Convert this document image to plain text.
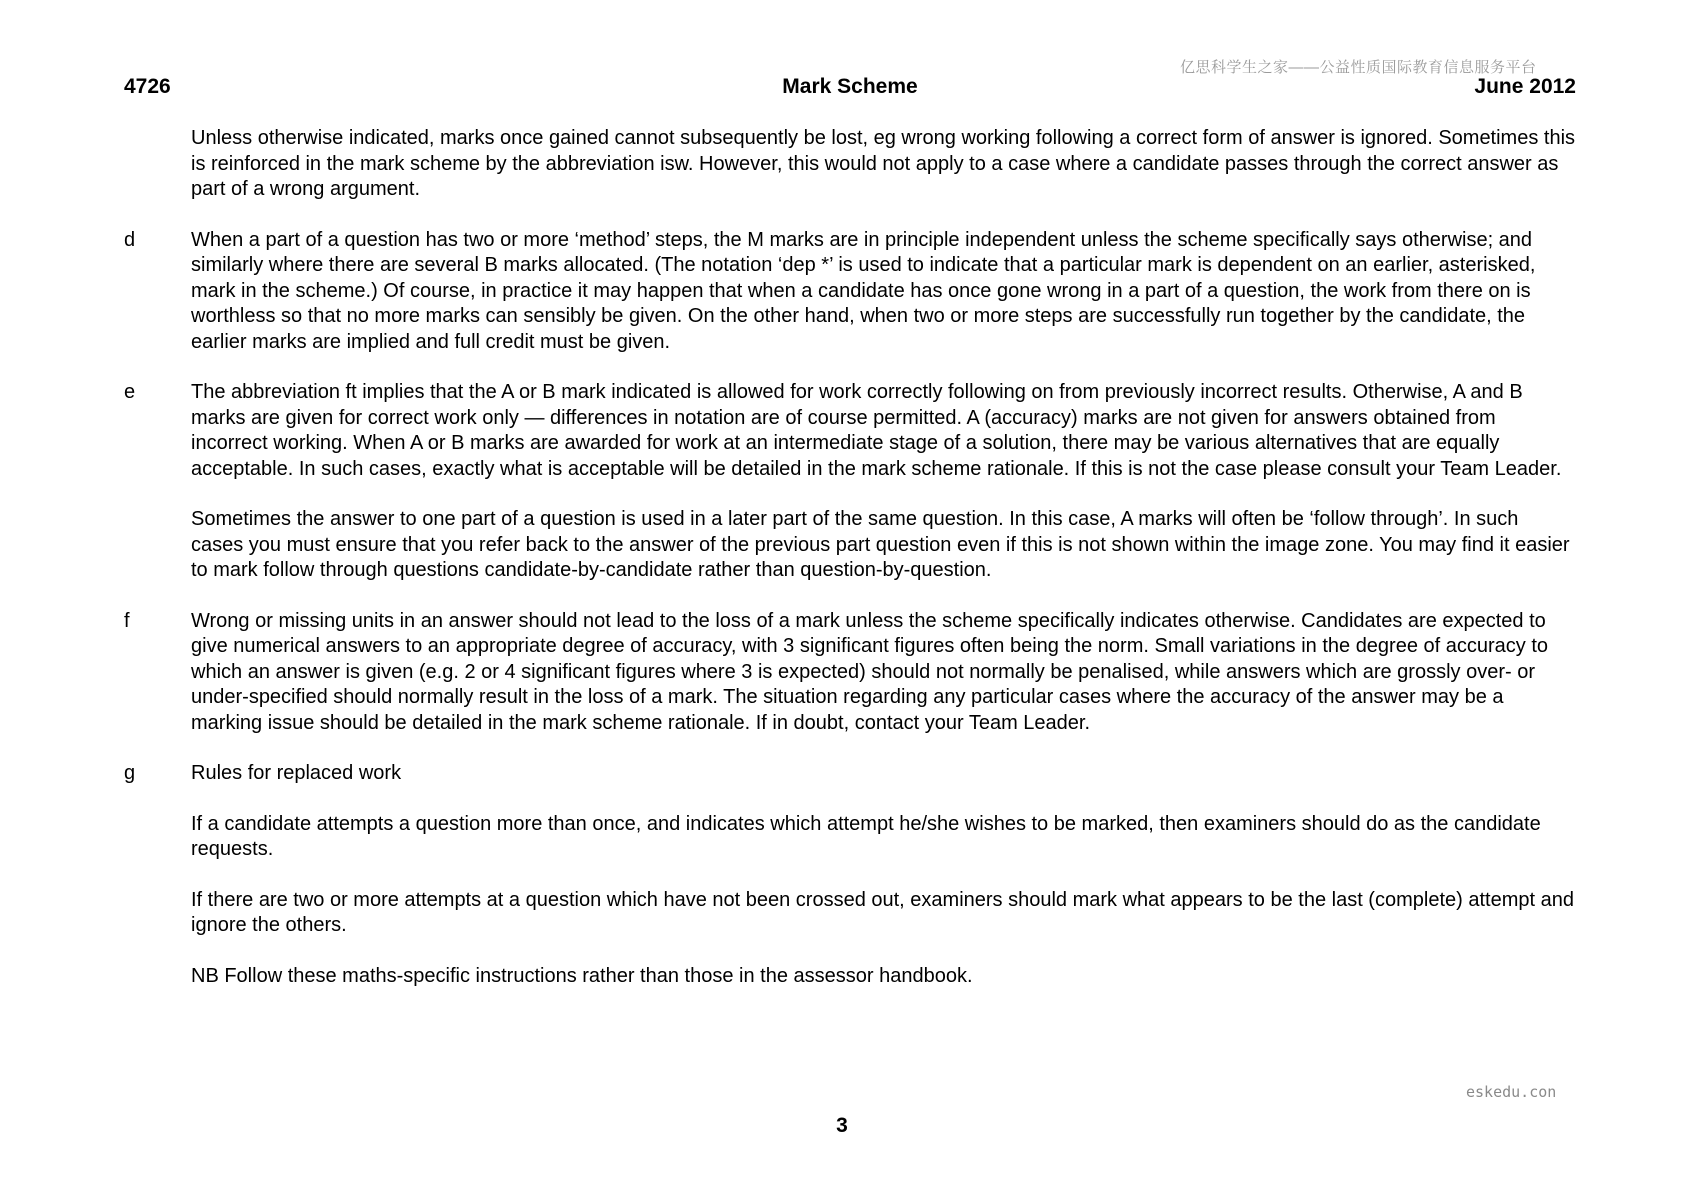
亿思科学生之家——公益性质国际教育信息服务平台
4726	Mark Scheme	June 2012

Unless otherwise indicated, marks once gained cannot subsequently be lost, eg wrong working following a correct form of answer is ignored. Sometimes this is reinforced in the mark scheme by the abbreviation isw. However, this would not apply to a case where a candidate passes through the correct answer as part of a wrong argument.

d	When a part of a question has two or more ‘method’ steps, the M marks are in principle independent unless the scheme specifically says otherwise; and similarly where there are several B marks allocated. (The notation ‘dep *’ is used to indicate that a particular mark is dependent on an earlier, asterisked, mark in the scheme.) Of course, in practice it may happen that when a candidate has once gone wrong in a part of a question, the work from there on is worthless so that no more marks can sensibly be given. On the other hand, when two or more steps are successfully run together by the candidate, the earlier marks are implied and full credit must be given.

e	The abbreviation ft implies that the A or B mark indicated is allowed for work correctly following on from previously incorrect results. Otherwise, A and B marks are given for correct work only — differences in notation are of course permitted. A (accuracy) marks are not given for answers obtained from incorrect working. When A or B marks are awarded for work at an intermediate stage of a solution, there may be various alternatives that are equally acceptable. In such cases, exactly what is acceptable will be detailed in the mark scheme rationale. If this is not the case please consult your Team Leader.

Sometimes the answer to one part of a question is used in a later part of the same question. In this case, A marks will often be ‘follow through’. In such cases you must ensure that you refer back to the answer of the previous part question even if this is not shown within the image zone. You may find it easier to mark follow through questions candidate-by-candidate rather than question-by-question.

f	Wrong or missing units in an answer should not lead to the loss of a mark unless the scheme specifically indicates otherwise. Candidates are expected to give numerical answers to an appropriate degree of accuracy, with 3 significant figures often being the norm. Small variations in the degree of accuracy to which an answer is given (e.g. 2 or 4 significant figures where 3 is expected) should not normally be penalised, while answers which are grossly over- or under-specified should normally result in the loss of a mark. The situation regarding any particular cases where the accuracy of the answer may be a marking issue should be detailed in the mark scheme rationale. If in doubt, contact your Team Leader.

g	Rules for replaced work

If a candidate attempts a question more than once, and indicates which attempt he/she wishes to be marked, then examiners should do as the candidate requests.

If there are two or more attempts at a question which have not been crossed out, examiners should mark what appears to be the last (complete) attempt and ignore the others.

NB Follow these maths-specific instructions rather than those in the assessor handbook.

eskedu.con
3
